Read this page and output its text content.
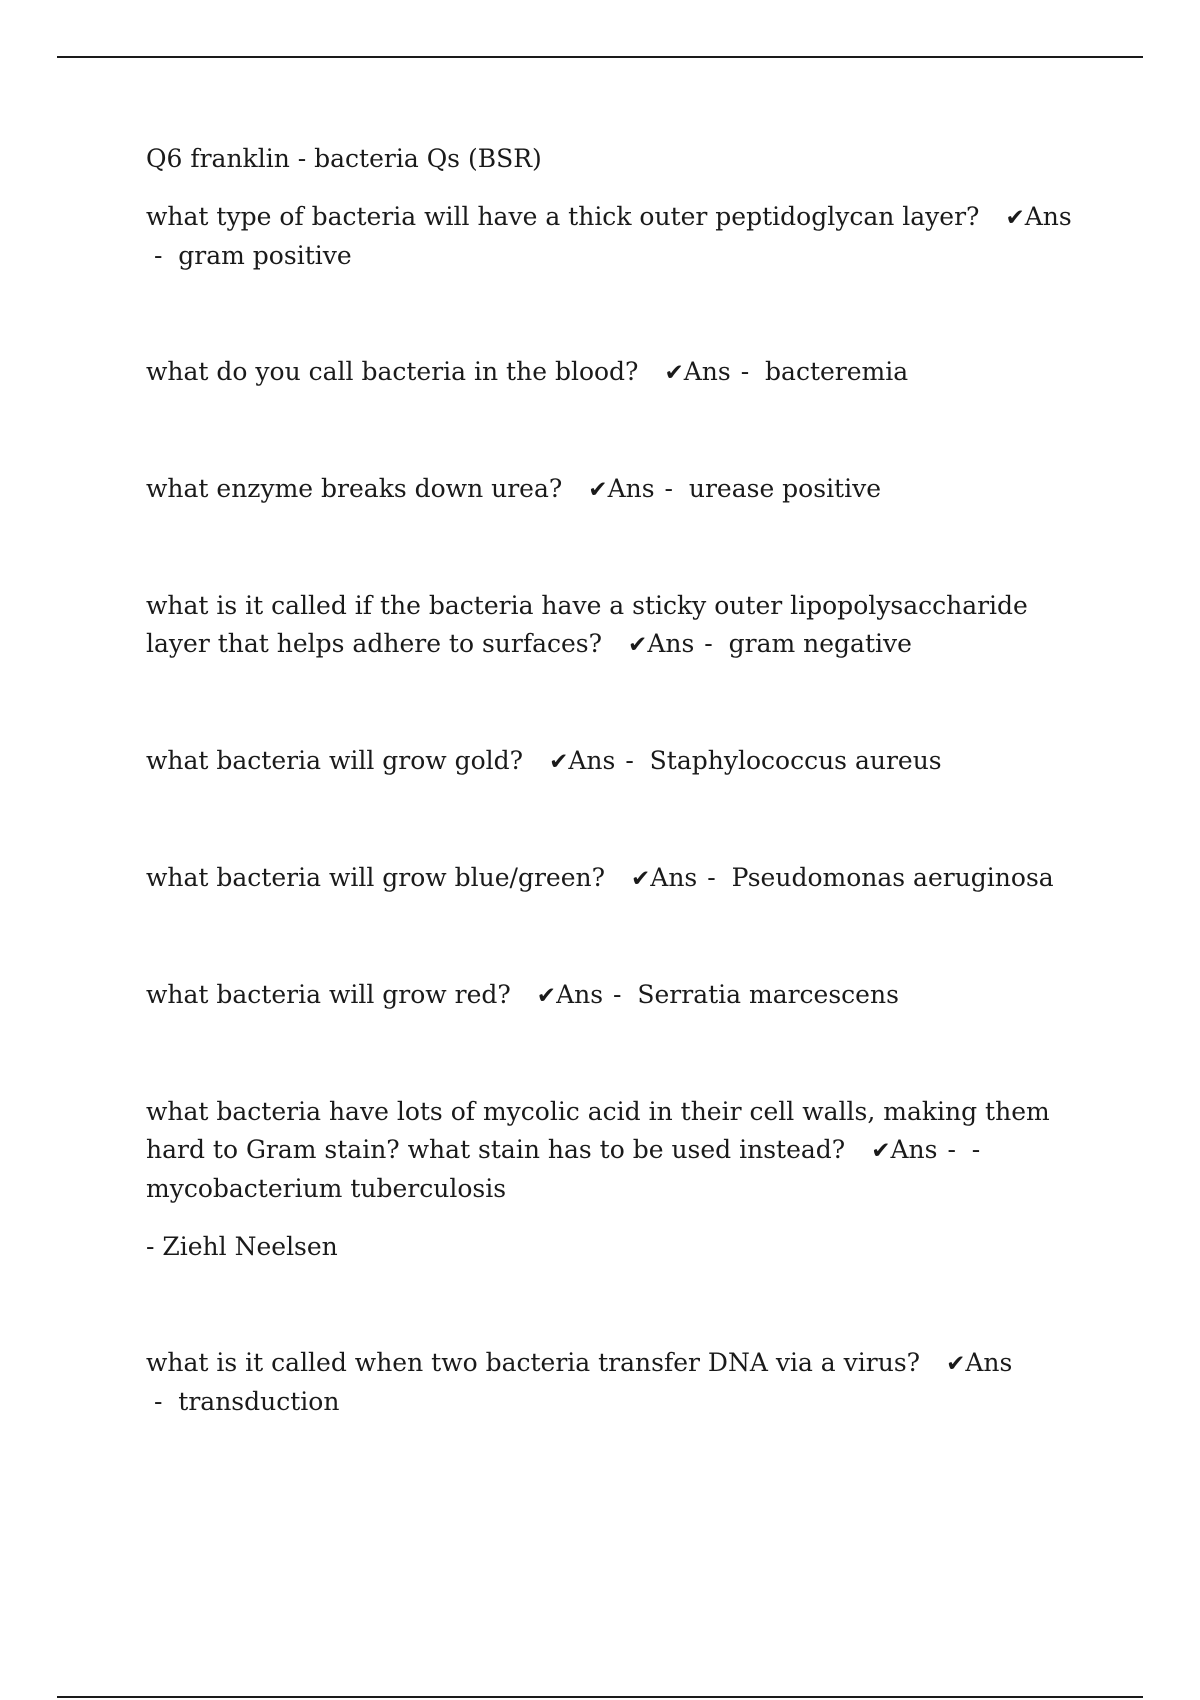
Q6 franklin - bacteria Qs (BSR)

what type of bacteria will have a thick outer peptidoglycan layer? ✔Ans -  gram positive

what do you call bacteria in the blood? ✔Ans -  bacteremia

what enzyme breaks down urea? ✔Ans -  urease positive

what is it called if the bacteria have a sticky outer lipopolysaccharide layer that helps adhere to surfaces? ✔Ans -  gram negative

what bacteria will grow gold? ✔Ans -  Staphylococcus aureus

what bacteria will grow blue/green? ✔Ans -  Pseudomonas aeruginosa

what bacteria will grow red? ✔Ans -  Serratia marcescens

what bacteria have lots of mycolic acid in their cell walls, making them hard to Gram stain? what stain has to be used instead? ✔Ans -  - mycobacterium tuberculosis

- Ziehl Neelsen

what is it called when two bacteria transfer DNA via a virus? ✔Ans -  transduction
